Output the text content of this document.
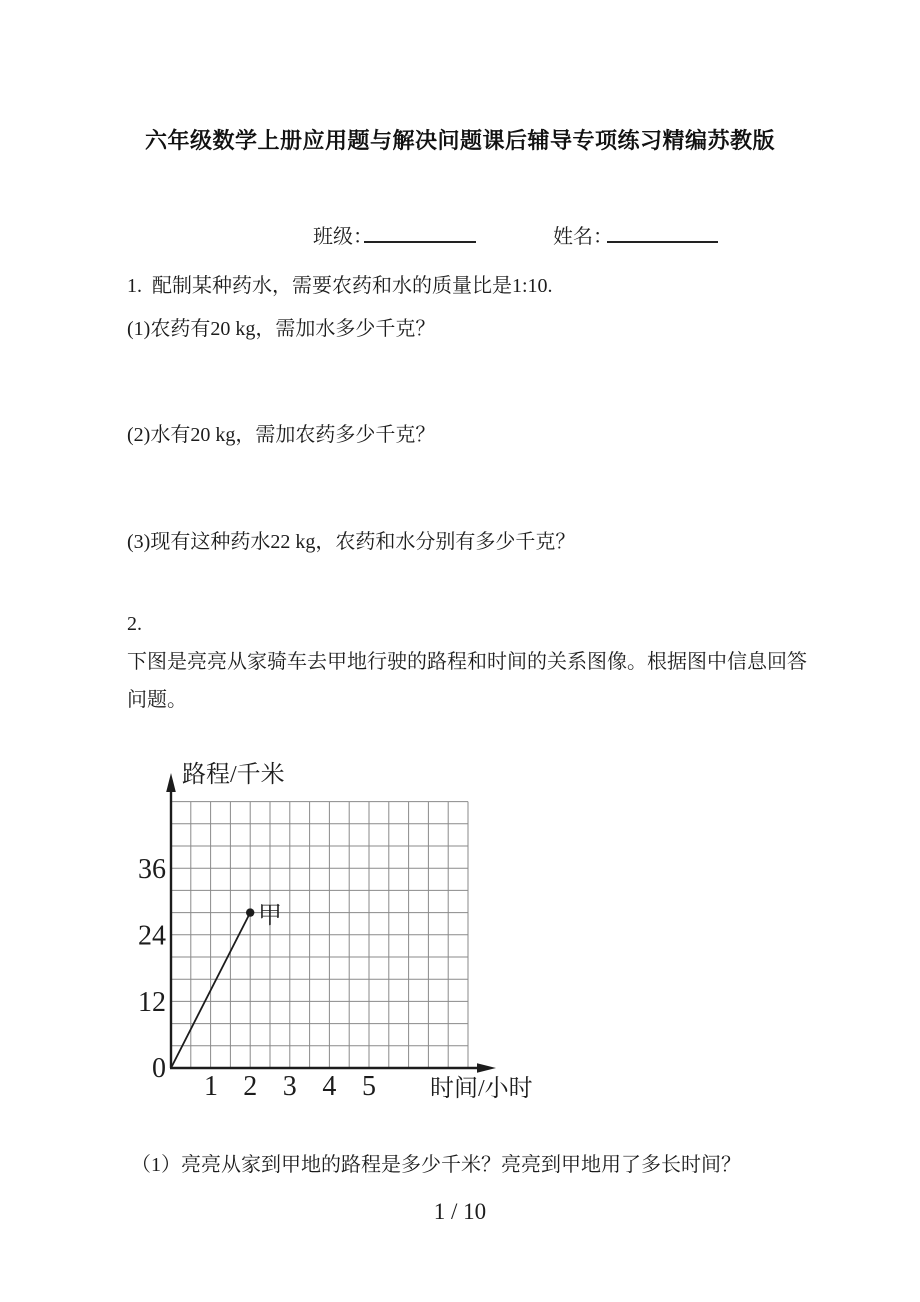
六年级数学上册应用题与解决问题课后辅导专项练习精编苏教版
班级：	姓名：
1.  配制某种药水，需要农药和水的质量比是1:10.
(1)农药有20 kg，需加水多少千克？
(2)水有20 kg，需加农药多少千克？
(3)现有这种药水22 kg，农药和水分别有多少千克？
2.
下图是亮亮从家骑车去甲地行驶的路程和时间的关系图像。根据图中信息回答
问题。
甲
路程/千米
时间/小时
0
12
24
36
1 2 3 4 5
（1）亮亮从家到甲地的路程是多少千米？亮亮到甲地用了多长时间？
1 / 10
